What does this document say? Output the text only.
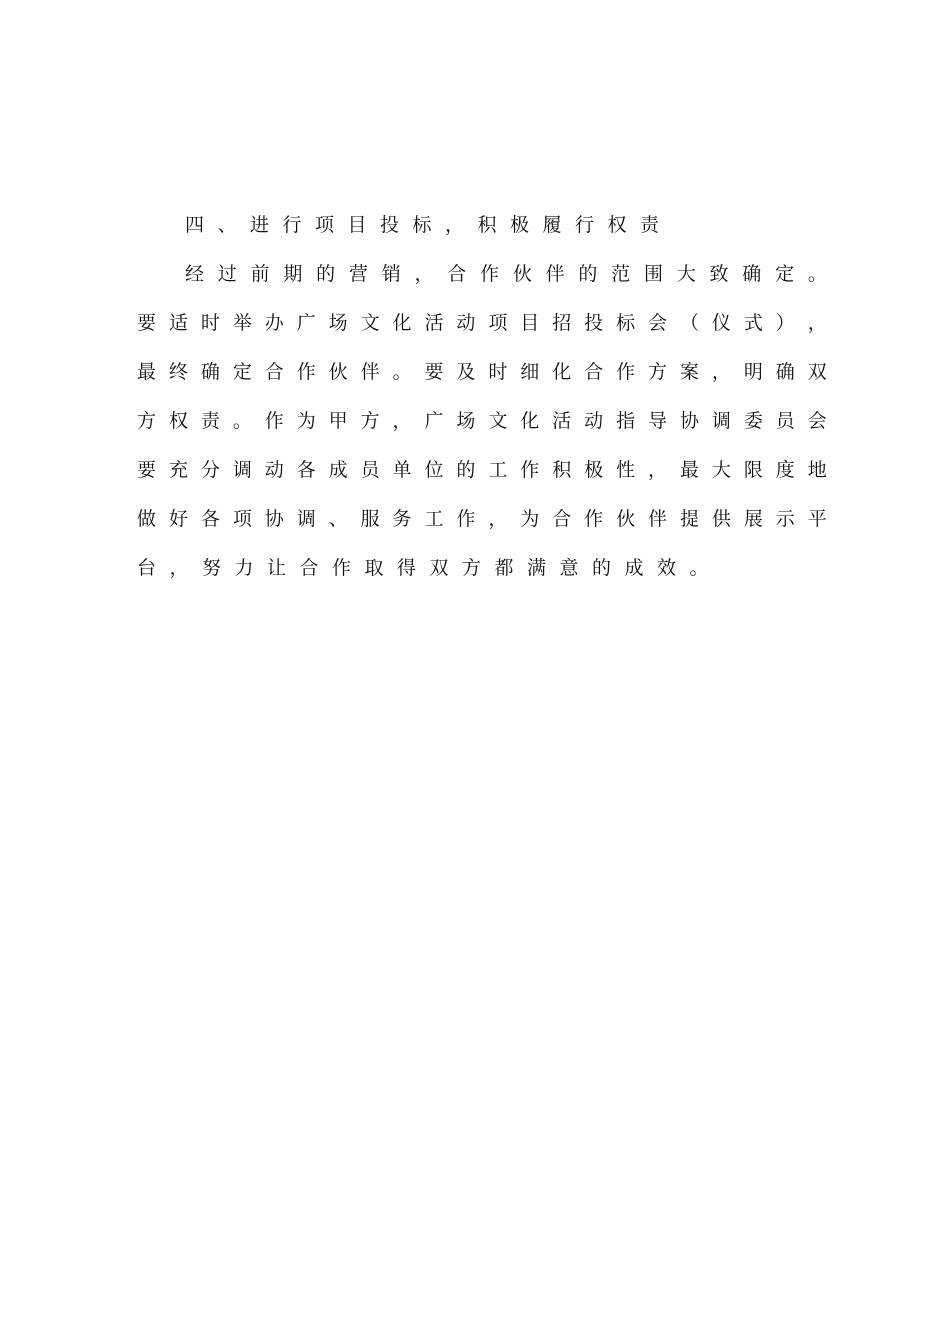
四、进行项目投标，积极履行权责
经 过 前 期 的 营 销 ， 合 作 伙 伴 的 范 围 大 致 确 定 。
要 适 时 举 办 广 场 文 化 活 动 项 目 招 投 标 会 （ 仪 式 ） ，
最 终 确 定 合 作 伙 伴 。 要 及 时 细 化 合 作 方 案 ， 明 确 双
方 权 责 。 作 为 甲 方 ， 广 场 文 化 活 动 指 导 协 调 委 员 会
要 充 分 调 动 各 成 员 单 位 的 工 作 积 极 性 ， 最 大 限 度 地
做 好 各 项 协 调 、 服 务 工 作 ， 为 合 作 伙 伴 提 供 展 示 平
台，努力让合作取得双方都满意的成效。
